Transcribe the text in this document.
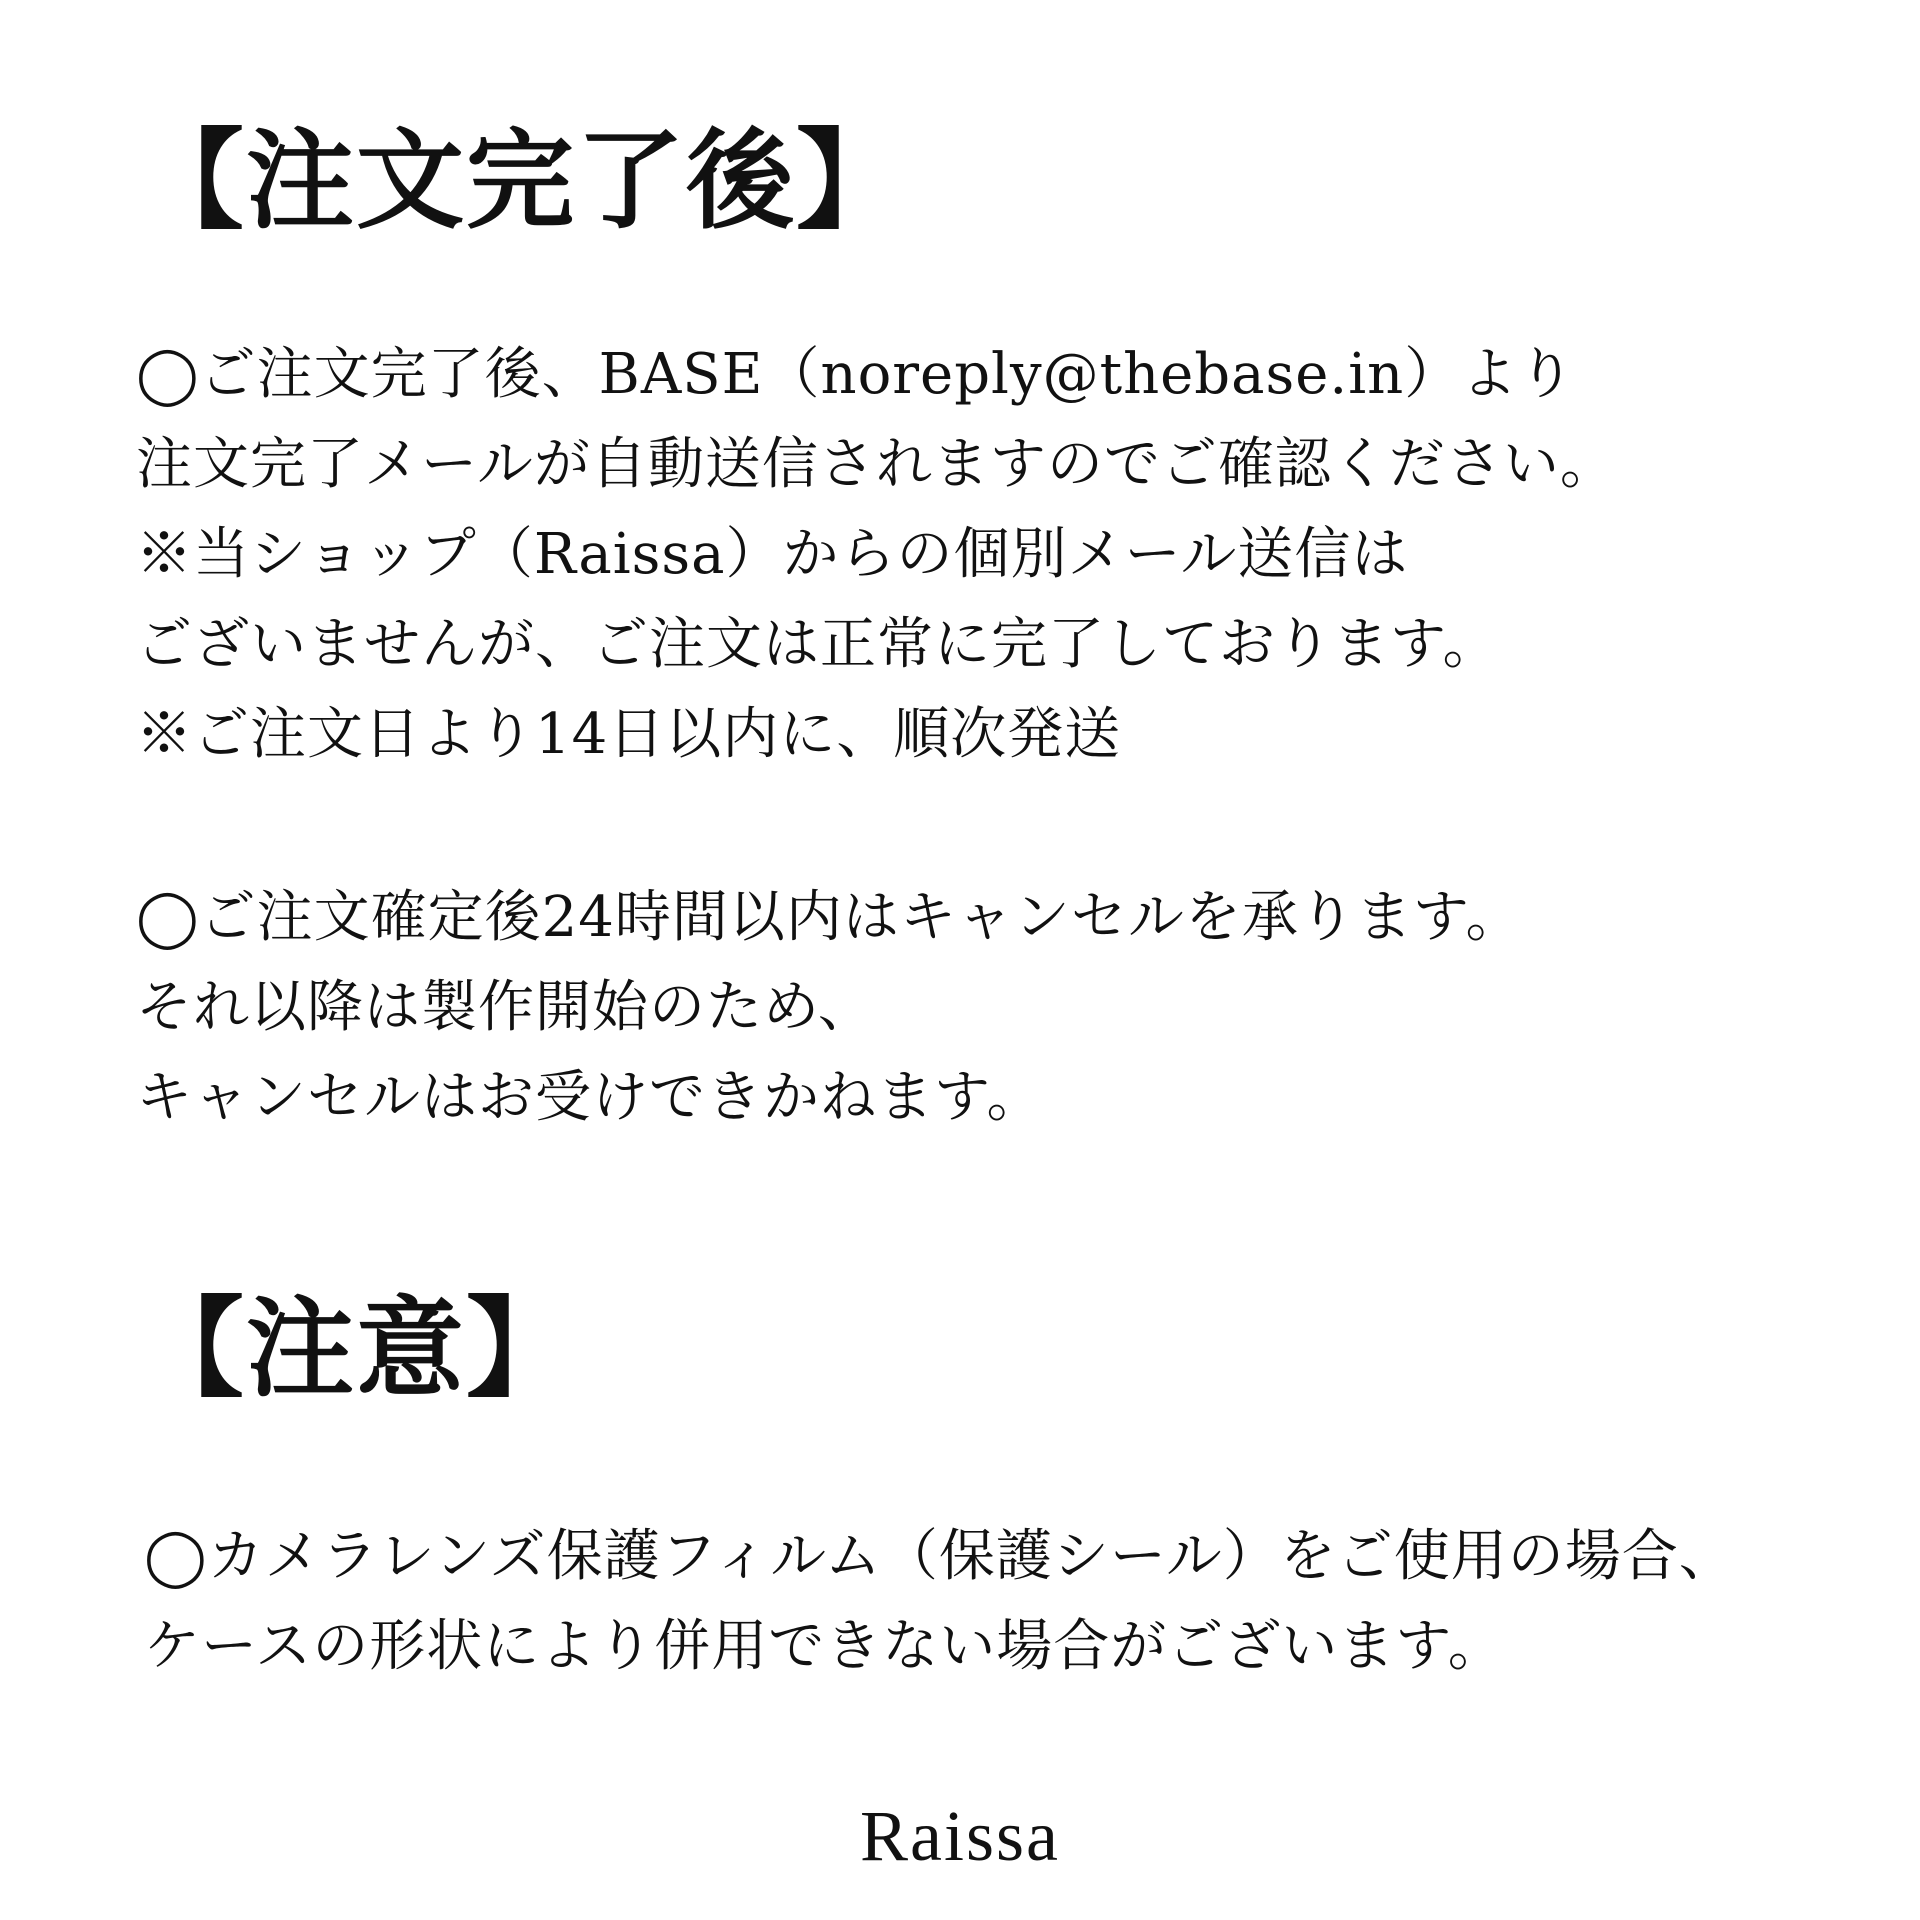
【注文完了後】
◯ご注文完了後、BASE（noreply@thebase.in）より
注文完了メールが自動送信されますのでご確認ください。
※当ショップ（Raissa）からの個別メール送信は
ございませんが、ご注文は正常に完了しております。
※ご注文日より14日以内に、順次発送
◯ご注文確定後24時間以内はキャンセルを承ります。
それ以降は製作開始のため、
キャンセルはお受けできかねます。
【注意】
◯カメラレンズ保護フィルム（保護シール）をご使用の場合、
ケースの形状により併用できない場合がございます。
Raissa
